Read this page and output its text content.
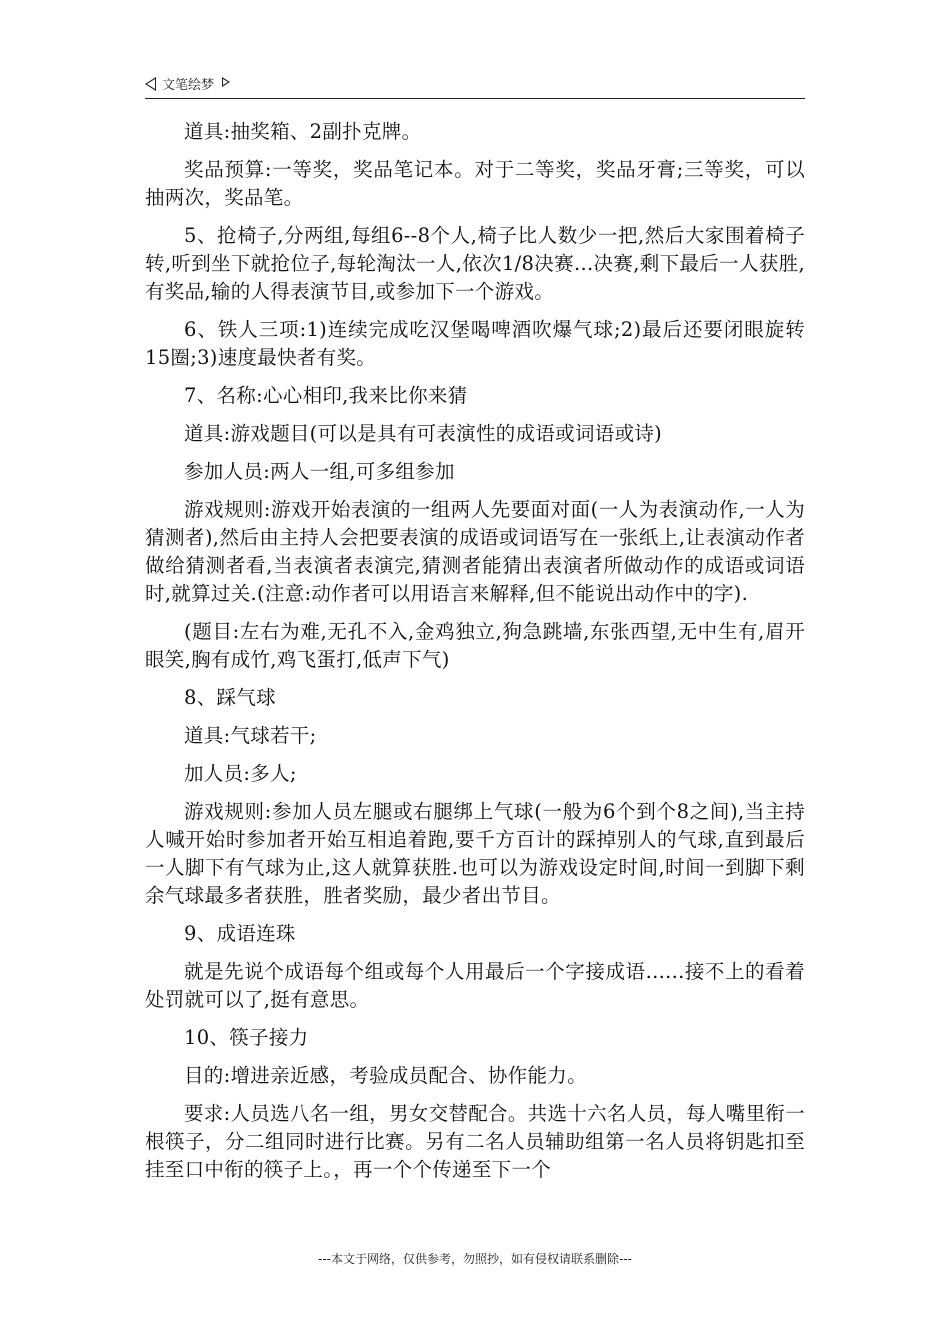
文笔绘梦

道具:抽奖箱、2副扑克牌。

奖品预算:一等奖，奖品笔记本。对于二等奖，奖品牙膏;三等奖，可以抽两次，奖品笔。

5、抢椅子,分两组,每组6--8个人,椅子比人数少一把,然后大家围着椅子转,听到坐下就抢位子,每轮淘汰一人,依次1/8决赛...决赛,剩下最后一人获胜,有奖品,输的人得表演节目,或参加下一个游戏。

6、铁人三项:1)连续完成吃汉堡喝啤酒吹爆气球;2)最后还要闭眼旋转15圈;3)速度最快者有奖。

7、名称:心心相印,我来比你来猜

道具:游戏题目(可以是具有可表演性的成语或词语或诗)

参加人员:两人一组,可多组参加

游戏规则:游戏开始表演的一组两人先要面对面(一人为表演动作,一人为猜测者),然后由主持人会把要表演的成语或词语写在一张纸上,让表演动作者做给猜测者看,当表演者表演完,猜测者能猜出表演者所做动作的成语或词语时,就算过关.(注意:动作者可以用语言来解释,但不能说出动作中的字).

(题目:左右为难,无孔不入,金鸡独立,狗急跳墙,东张西望,无中生有,眉开眼笑,胸有成竹,鸡飞蛋打,低声下气)

8、踩气球

道具:气球若干;

加人员:多人;

游戏规则:参加人员左腿或右腿绑上气球(一般为6个到个8之间),当主持人喊开始时参加者开始互相追着跑,要千方百计的踩掉别人的气球,直到最后一人脚下有气球为止,这人就算获胜.也可以为游戏设定时间,时间一到脚下剩余气球最多者获胜，胜者奖励，最少者出节目。

9、成语连珠

就是先说个成语每个组或每个人用最后一个字接成语......接不上的看着处罚就可以了,挺有意思。

10、筷子接力

目的:增进亲近感，考验成员配合、协作能力。

要求:人员选八名一组，男女交替配合。共选十六名人员，每人嘴里衔一根筷子，分二组同时进行比赛。另有二名人员辅助组第一名人员将钥匙扣至挂至口中衔的筷子上。，再一个个传递至下一个

---本文于网络，仅供参考，勿照抄，如有侵权请联系删除---
